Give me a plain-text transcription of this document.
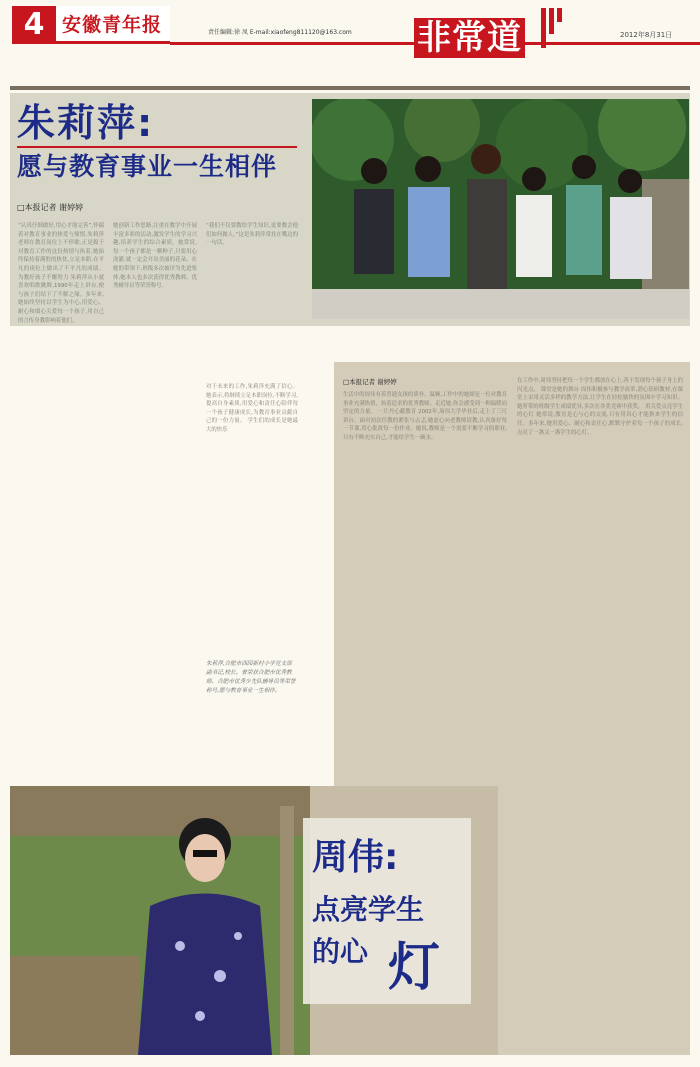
4 安徽青年报	责任编辑:徐 凤 E-mail:xiaofeng811120@163.com 非常道	2012年8月31日
朱莉萍:
愿与教育事业一生相伴
□本报记者 谢婷婷
“认真仔细做好,用心才能完善”,怀揣着对教育事业的热爱与憧憬,朱莉萍老师在教育岗位上不停歇,正是源于对教育工作的这份热情与执着,她始终保持着满腔的热忱,立足本职,在平凡的岗位上做出了不平凡的成绩。 为教好孩子不懈努力 朱莉萍从小就喜欢唱歌跳舞,1990年走上讲台,便与孩子们结下了不解之缘。多年来,她始终坚持以学生为中心,用爱心、耐心和细心关爱每一个孩子,用自己的言传身教影响着他们。
她创新工作思路,注重在教学中开展丰富多彩的活动,激发学生的学习兴趣,培养学生的综合素质。她常说,每一个孩子都是一颗种子,只要用心浇灌,就一定会开出美丽的花朵。在她的带领下,班级多次被评为先进集体,她本人也多次获得优秀教师、优秀辅导员等荣誉称号。
“我们不仅要教给学生知识,更要教会他们如何做人。”这是朱莉萍常挂在嘴边的一句话。
对于未来的工作,朱莉萍充满了信心。她表示,将继续立足本职岗位,不断学习,提高自身素质,用爱心和责任心陪伴每一个孩子健康成长,为教育事业贡献自己的一份力量。 学生们的成长是她最大的快乐
朱莉萍,合肥市西园新村小学党支部副书记,校长。曾荣获合肥市优秀教师、合肥市优秀少先队辅导员等荣誉称号,愿与教育事业一生相伴。
□本报记者 谢婷婷
生活中的周伟有着普通女孩的质朴、温婉,工作中的她却是一位对教育事业充满热情、执着追求的优秀教师。走近她,你会感受到一种温暖而坚定的力量。 一片丹心献教育 2002年,周伟大学毕业后,走上了三尺讲台。面对初次任教的紧张与忐忑,她虚心向老教师请教,认真备好每一节课,用心批改每一份作业。她说,教师是一个需要不断学习的职业,只有不断充实自己,才能给学生一碗水。
在工作中,周伟坚持把每一个学生都放在心上,善于发现每个孩子身上的闪光点。 课堂是她的舞台 周伟积极参与教学改革,潜心钻研教材,在课堂上采用灵活多样的教学方法,让学生在轻松愉快的氛围中学习知识。她所带的班级学生成绩优异,多次在各类竞赛中获奖。 用关爱点亮学生的心灯 她常说,教育是心与心的交流,只有用真心才能换来学生的信任。多年来,她用爱心、耐心和责任心,默默守护着每一个孩子的成长,点亮了一盏又一盏学生的心灯。
周伟:
点亮学生
的心 灯
